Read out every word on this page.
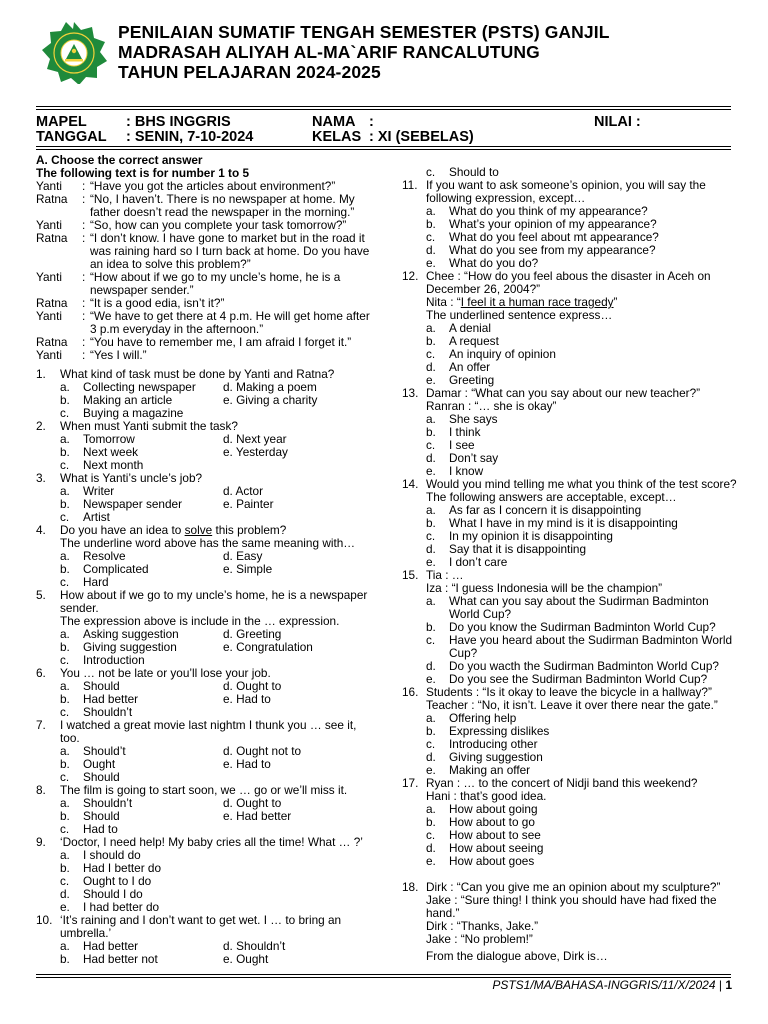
PENILAIAN SUMATIF TENGAH SEMESTER (PSTS) GANJIL
MADRASAH ALIYAH AL-MA`ARIF RANCALUTUNG
TAHUN PELAJARAN 2024-2025
MAPEL	: BHS INGGRIS
TANGGAL : SENIN, 7-10-2024
NAMA :
KELAS : XI (SEBELAS)
NILAI :
A. Choose the correct answer
The following text is for number 1 to 5
Yanti	: “Have you got the articles about environment?”
Ratna	: “No, I haven’t. There is no newspaper at home. My father doesn’t read the newspaper in the morning.”
Yanti	: “So, how can you complete your task tomorrow?”
Ratna	: “I don’t know. I have gone to market but in the road it was raining hard so I turn back at home. Do you have an idea to solve this problem?”
Yanti	: “How about if we go to my uncle’s home, he is a newspaper sender.”
Ratna	: “It is a good edia, isn’t it?”
Yanti	: “We have to get there at 4 p.m. He will get home after 3 p.m everyday in the afternoon.”
Ratna	: “You have to remember me, I am afraid I forget it.”
Yanti	: “Yes I will.”
1.	What kind of task must be done by Yanti and Ratna?
a.	Collecting newspaper d. Making a poem
b.	Making an article	e. Giving a charity
c.	Buying a magazine
2.	When must Yanti submit the task?
a.	Tomorrow	d. Next year
b.	Next week	e. Yesterday
c.	Next month
3.	What is Yanti’s uncle’s job?
a.	Writer	d. Actor
b.	Newspaper sender	e. Painter
c.	Artist
4.	Do you have an idea to solve this problem?
The underline word above has the same meaning with…
a.	Resolve	d. Easy
b.	Complicated	e. Simple
c.	Hard
5.	How about if we go to my uncle’s home, he is a newspaper sender.
The expression above is include in the … expression.
a.	Asking suggestion	d. Greeting
b.	Giving suggestion	e. Congratulation
c.	Introduction
6.	You … not be late or you’ll lose your job.
a.	Should	d. Ought to
b.	Had better	e. Had to
c.	Shouldn’t
7.	I watched a great movie last nightm I thunk you … see it, too.
a.	Should’t	d. Ought not to
b.	Ought	e. Had to
c.	Should
8.	The film is going to start soon, we … go or we’ll miss it.
a.	Shouldn’t	d. Ought to
b.	Should	e. Had better
c.	Had to
9.	‘Doctor, I need help! My baby cries all the time! What … ?’
a.	I should do
b.	Had I better do
c.	Ought to I do
d.	Should I do
e.	I had better do
10. ‘It’s raining and I don’t want to get wet. I … to bring an umbrella.’
a.	Had better	d. Shouldn’t
b.	Had better not	e. Ought
c.	Should to
11. If you want to ask someone’s opinion, you will say the following expression, except…
a.	What do you think of my appearance?
b.	What’s your opinion of my appearance?
c.	What do you feel about mt appearance?
d.	What do you see from my appearance?
e.	What do you do?
12. Chee : “How do you feel abous the disaster in Aceh on December 26, 2004?”
Nita : “I feel it a human race tragedy”
The underlined sentence express…
a.	A denial
b.	A request
c.	An inquiry of opinion
d.	An offer
e.	Greeting
13. Damar : “What can you say about our new teacher?”
Ranran : “… she is okay”
a.	She says
b.	I think
c.	I see
d.	Don’t say
e.	I know
14. Would you mind telling me what you think of the test score? The following answers are acceptable, except…
a.	As far as I concern it is disappointing
b.	What I have in my mind is it is disappointing
c.	In my opinion it is disappointing
d.	Say that it is disappointing
e.	I don’t care
15. Tia : …
Iza : “I guess Indonesia will be the champion”
a.	What can you say about the Sudirman Badminton World Cup?
b.	Do you know the Sudirman Badminton World Cup?
c.	Have you heard about the Sudirman Badminton World Cup?
d.	Do you wacth the Sudirman Badminton World Cup?
e.	Do you see the Sudirman Badminton World Cup?
16. Students : “Is it okay to leave the bicycle in a hallway?”
Teacher : “No, it isn’t. Leave it over there near the gate.”
a.	Offering help
b.	Expressing dislikes
c.	Introducing other
d.	Giving suggestion
e.	Making an offer
17. Ryan : … to the concert of Nidji band this weekend?
Hani : that’s good idea.
a.	How about going
b.	How about to go
c.	How about to see
d.	How about seeing
e.	How about goes
18. Dirk : “Can you give me an opinion about my sculpture?”
Jake : “Sure thing! I think you should have had fixed the hand.”
Dirk : “Thanks, Jake.”
Jake : “No problem!”
From the dialogue above, Dirk is…
PSTS1/MA/BAHASA-INGGRIS/11/X/2024 | 1
